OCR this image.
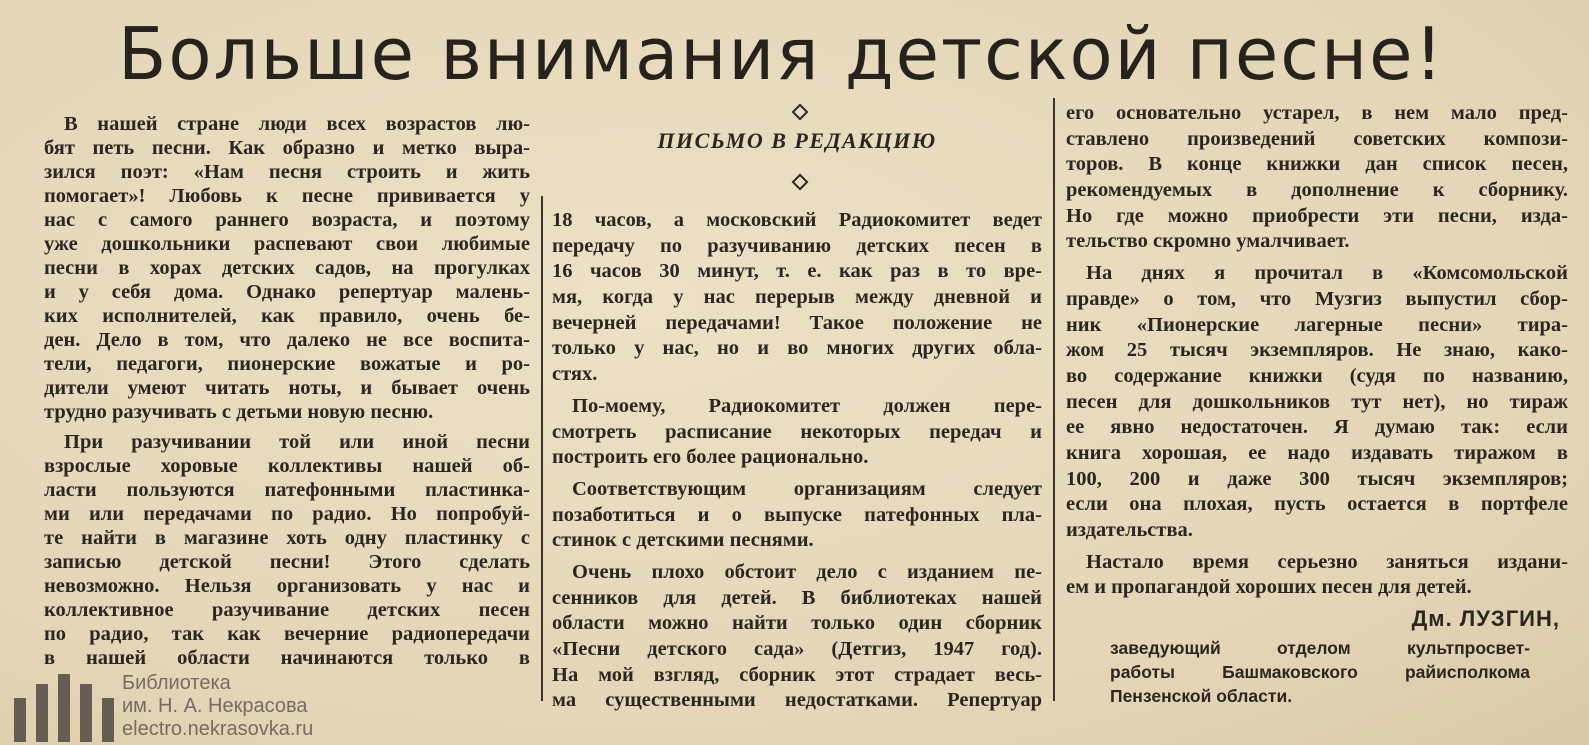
Больше внимания детской песне!
ПИСЬМО В РЕДАКЦИЮ
В нашей стране люди всех возрастов лю-
бят петь песни. Как образно и метко выра-
зился поэт: «Нам песня строить и жить
помогает»! Любовь к песне прививается у
нас с самого раннего возраста, и поэтому
уже дошкольники распевают свои любимые
песни в хорах детских садов, на прогулках
и у себя дома. Однако репертуар малень-
ких исполнителей, как правило, очень бе-
ден. Дело в том, что далеко не все воспита-
тели, педагоги, пионерские вожатые и ро-
дители умеют читать ноты, и бывает очень
трудно разучивать с детьми новую песню.
При разучивании той или иной песни
взрослые хоровые коллективы нашей об-
ласти пользуются патефонными пластинка-
ми или передачами по радио. Но попробуй-
те найти в магазине хоть одну пластинку с
записью детской песни! Этого сделать
невозможно. Нельзя организовать у нас и
коллективное разучивание детских песен
по радио, так как вечерние радиопередачи
в нашей области начинаются только в
18 часов, а московский Радиокомитет ведет
передачу по разучиванию детских песен в
16 часов 30 минут, т. е. как раз в то вре-
мя, когда у нас перерыв между дневной и
вечерней передачами! Такое положение не
только у нас, но и во многих других обла-
стях.
По-моему, Радиокомитет должен пере-
смотреть расписание некоторых передач и
построить его более рационально.
Соответствующим организациям следует
позаботиться и о выпуске патефонных пла-
стинок с детскими песнями.
Очень плохо обстоит дело с изданием пе-
сенников для детей. В библиотеках нашей
области можно найти только один сборник
«Песни детского сада» (Детгиз, 1947 год).
На мой взгляд, сборник этот страдает весь-
ма существенными недостатками. Репертуар
его основательно устарел, в нем мало пред-
ставлено произведений советских компози-
торов. В конце книжки дан список песен,
рекомендуемых в дополнение к сборнику.
Но где можно приобрести эти песни, изда-
тельство скромно умалчивает.
На днях я прочитал в «Комсомольской
правде» о том, что Музгиз выпустил сбор-
ник «Пионерские лагерные песни» тира-
жом 25 тысяч экземпляров. Не знаю, како-
во содержание книжки (судя по названию,
песен для дошкольников тут нет), но тираж
ее явно недостаточен. Я думаю так: если
книга хорошая, ее надо издавать тиражом в
100, 200 и даже 300 тысяч экземпляров;
если она плохая, пусть остается в портфеле
издательства.
Настало время серьезно заняться издани-
ем и пропагандой хороших песен для детей.
Дм. ЛУЗГИН,
заведующий отделом культпросвет-
работы Башмаковского райисполкома
Пензенской области.
Библиотека
им. Н. А. Некрасова
electro.nekrasovka.ru
